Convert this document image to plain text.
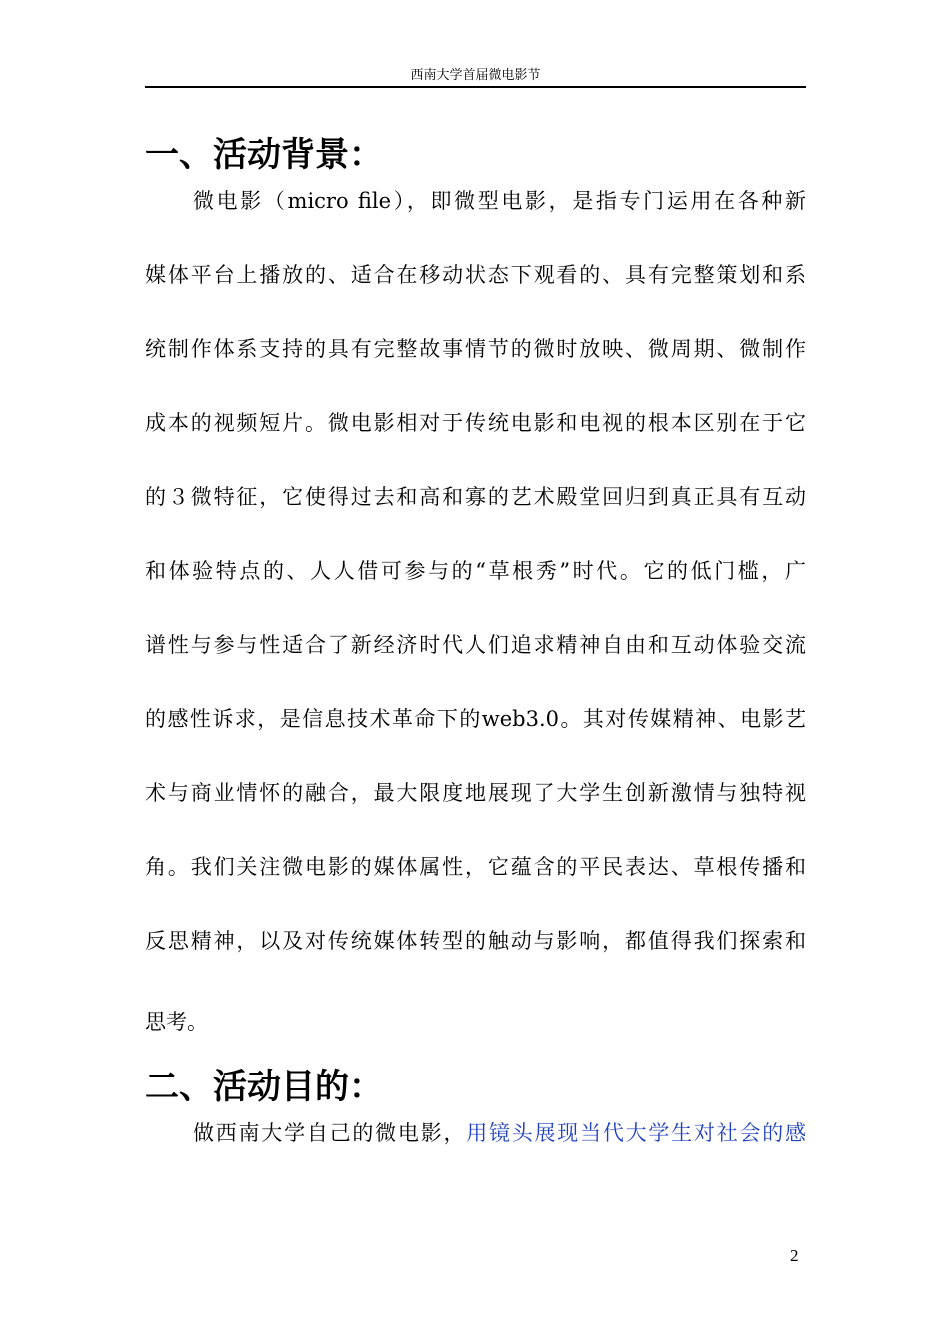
西南大学首届微电影节
一、活动背景：

微电影（micro file），即微型电影，是指专门运用在各种新

媒体平台上播放的、适合在移动状态下观看的、具有完整策划和系

统制作体系支持的具有完整故事情节的微时放映、微周期、微制作

成本的视频短片。微电影相对于传统电影和电视的根本区别在于它

的３微特征，它使得过去和高和寡的艺术殿堂回归到真正具有互动

和体验特点的、人人借可参与的“草根秀”时代。它的低门槛，广

谱性与参与性适合了新经济时代人们追求精神自由和互动体验交流

的感性诉求，是信息技术革命下的web3.0。其对传媒精神、电影艺

术与商业情怀的融合，最大限度地展现了大学生创新激情与独特视

角。我们关注微电影的媒体属性，它蕴含的平民表达、草根传播和

反思精神，以及对传统媒体转型的触动与影响，都值得我们探索和

思考。

二、活动目的：

做西南大学自己的微电影，用镜头展现当代大学生对社会的感

2
